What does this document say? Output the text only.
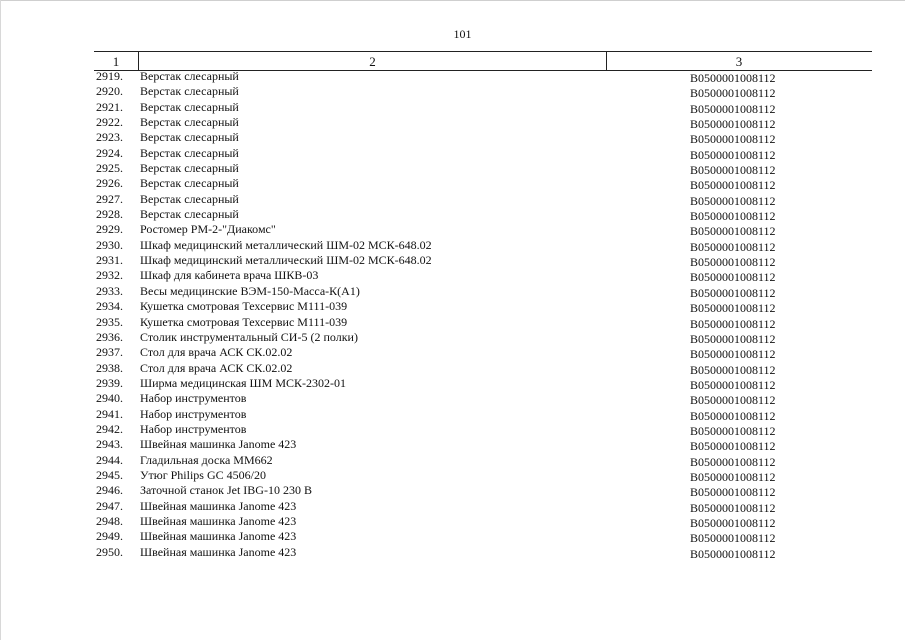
101
1	2	3
2919.	Верстак слесарный	В0500001008112
2920.	Верстак слесарный	В0500001008112
2921.	Верстак слесарный	В0500001008112
2922.	Верстак слесарный	В0500001008112
2923.	Верстак слесарный	В0500001008112
2924.	Верстак слесарный	В0500001008112
2925.	Верстак слесарный	В0500001008112
2926.	Верстак слесарный	В0500001008112
2927.	Верстак слесарный	В0500001008112
2928.	Верстак слесарный	В0500001008112
2929.	Ростомер РМ-2-"Диакомс"	В0500001008112
2930.	Шкаф медицинский металлический ШМ-02 МСК-648.02	В0500001008112
2931.	Шкаф медицинский металлический ШМ-02 МСК-648.02	В0500001008112
2932.	Шкаф для кабинета врача ШКВ-03	В0500001008112
2933.	Весы медицинские ВЭМ-150-Масса-К(А1)	В0500001008112
2934.	Кушетка смотровая Техсервис М111-039	В0500001008112
2935.	Кушетка смотровая Техсервис М111-039	В0500001008112
2936.	Столик инструментальный СИ-5 (2 полки)	В0500001008112
2937.	Стол для врача АСК СК.02.02	В0500001008112
2938.	Стол для врача АСК СК.02.02	В0500001008112
2939.	Ширма медицинская ШМ МСК-2302-01	В0500001008112
2940.	Набор инструментов	В0500001008112
2941.	Набор инструментов	В0500001008112
2942.	Набор инструментов	В0500001008112
2943.	Швейная машинка Janome 423	В0500001008112
2944.	Гладильная доска ММ662	В0500001008112
2945.	Утюг Philips GC 4506/20	В0500001008112
2946.	Заточной станок Jet IBG-10 230 В	В0500001008112
2947.	Швейная машинка Janome 423	В0500001008112
2948.	Швейная машинка Janome 423	В0500001008112
2949.	Швейная машинка Janome 423	В0500001008112
2950.	Швейная машинка Janome 423	В0500001008112
